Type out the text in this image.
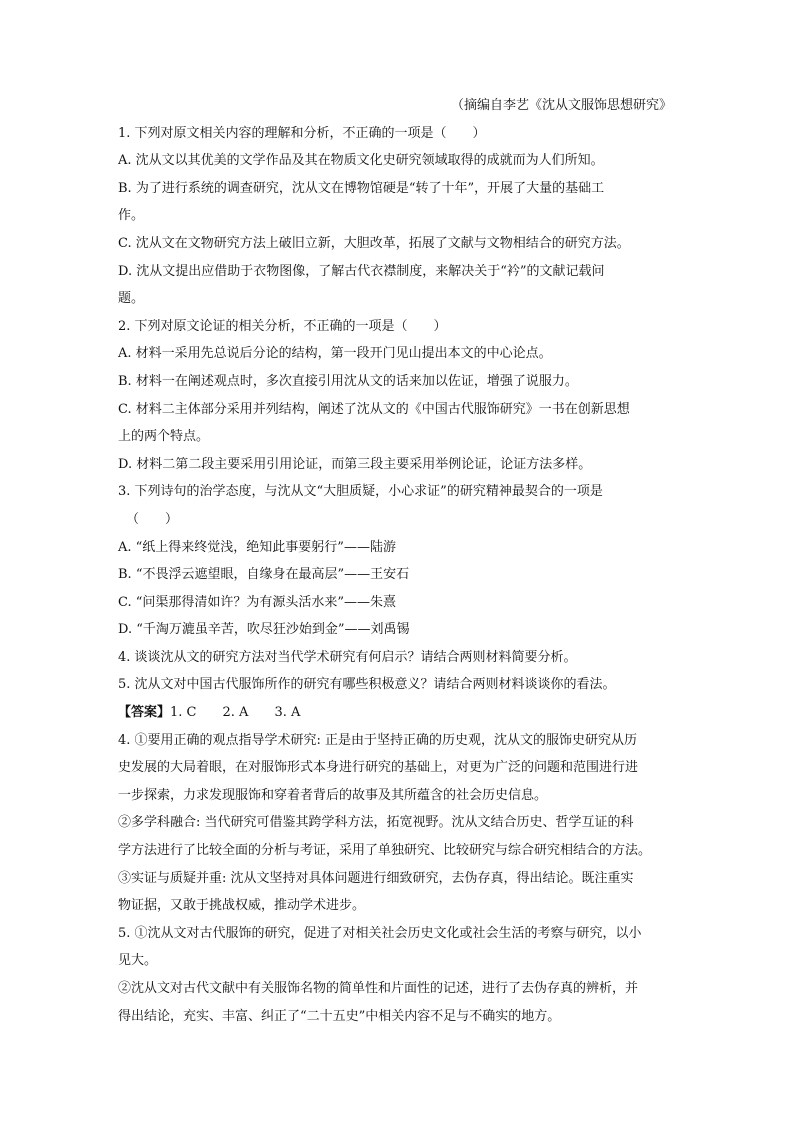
（摘编自李艺《沈从文服饰思想研究》

1. 下列对原文相关内容的理解和分析，不正确的一项是（　　）

A. 沈从文以其优美的文学作品及其在物质文化史研究领域取得的成就而为人们所知。

B. 为了进行系统的调查研究，沈从文在博物馆硬是“转了十年”，开展了大量的基础工

作。

C. 沈从文在文物研究方法上破旧立新，大胆改革，拓展了文献与文物相结合的研究方法。

D. 沈从文提出应借助于衣物图像，了解古代衣襟制度，来解决关于“衿”的文献记载问

题。

2. 下列对原文论证的相关分析，不正确的一项是（　　）

A. 材料一采用先总说后分论的结构，第一段开门见山提出本文的中心论点。

B. 材料一在阐述观点时，多次直接引用沈从文的话来加以佐证，增强了说服力。

C. 材料二主体部分采用并列结构，阐述了沈从文的《中国古代服饰研究》一书在创新思想

上的两个特点。

D. 材料二第二段主要采用引用论证，而第三段主要采用举例论证，论证方法多样。

3. 下列诗句的治学态度，与沈从文“大胆质疑，小心求证”的研究精神最契合的一项是

（　　）

A. “纸上得来终觉浅，绝知此事要躬行”——陆游

B. “不畏浮云遮望眼，自缘身在最高层”——王安石

C. “问渠那得清如许？为有源头活水来”——朱熹

D. “千淘万漉虽辛苦，吹尽狂沙始到金”——刘禹锡

4. 谈谈沈从文的研究方法对当代学术研究有何启示？请结合两则材料简要分析。

5. 沈从文对中国古代服饰所作的研究有哪些积极意义？请结合两则材料谈谈你的看法。

【答案】1. C 2. A 3. A

4. ①要用正确的观点指导学术研究: 正是由于坚持正确的历史观，沈从文的服饰史研究从历

史发展的大局着眼，在对服饰形式本身进行研究的基础上，对更为广泛的问题和范围进行进

一步探索，力求发现服饰和穿着者背后的故事及其所蕴含的社会历史信息。

②多学科融合: 当代研究可借鉴其跨学科方法，拓宽视野。沈从文结合历史、哲学互证的科

学方法进行了比较全面的分析与考证，采用了单独研究、比较研究与综合研究相结合的方法。

③实证与质疑并重: 沈从文坚持对具体问题进行细致研究，去伪存真，得出结论。既注重实

物证据，又敢于挑战权威，推动学术进步。

5. ①沈从文对古代服饰的研究，促进了对相关社会历史文化或社会生活的考察与研究，以小

见大。

②沈从文对古代文献中有关服饰名物的简单性和片面性的记述，进行了去伪存真的辨析，并

得出结论，充实、丰富、纠正了“二十五史”中相关内容不足与不确实的地方。
